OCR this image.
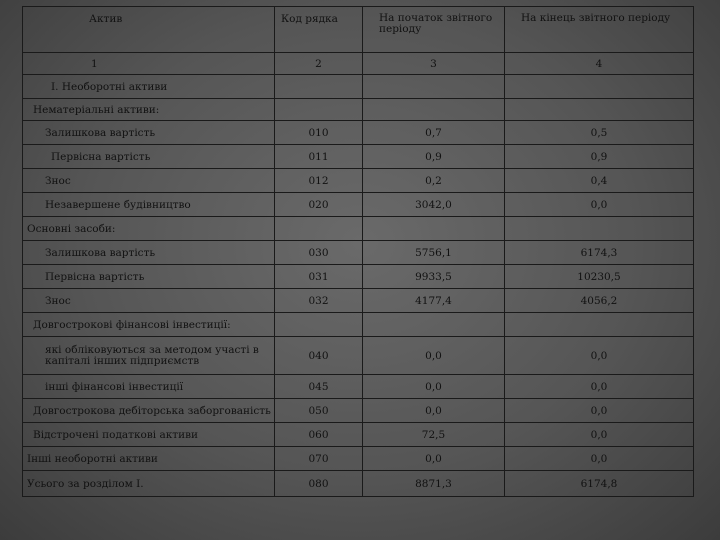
Актив	Код рядка	На початок звітного періоду	На кінець звітного періоду
1	2	3	4
І. Необоротні активи			
Нематеріальні активи:			
Залишкова вартість	010	0,7	0,5
Первісна вартість	011	0,9	0,9
Знос	012	0,2	0,4
Незавершене будівництво	020	3042,0	0,0
Основні засоби:			
Залишкова вартість	030	5756,1	6174,3
Первісна вартість	031	9933,5	10230,5
Знос	032	4177,4	4056,2
Довгострокові фінансові інвестиції:			
які обліковуються за методом участі в капіталі інших підприємств	040	0,0	0,0
інші фінансові інвестиції	045	0,0	0,0
Довгострокова дебіторська заборгованість	050	0,0	0,0
Відстрочені податкові активи	060	72,5	0,0
Інші необоротні активи	070	0,0	0,0
Усього за розділом І.	080	8871,3	6174,8
